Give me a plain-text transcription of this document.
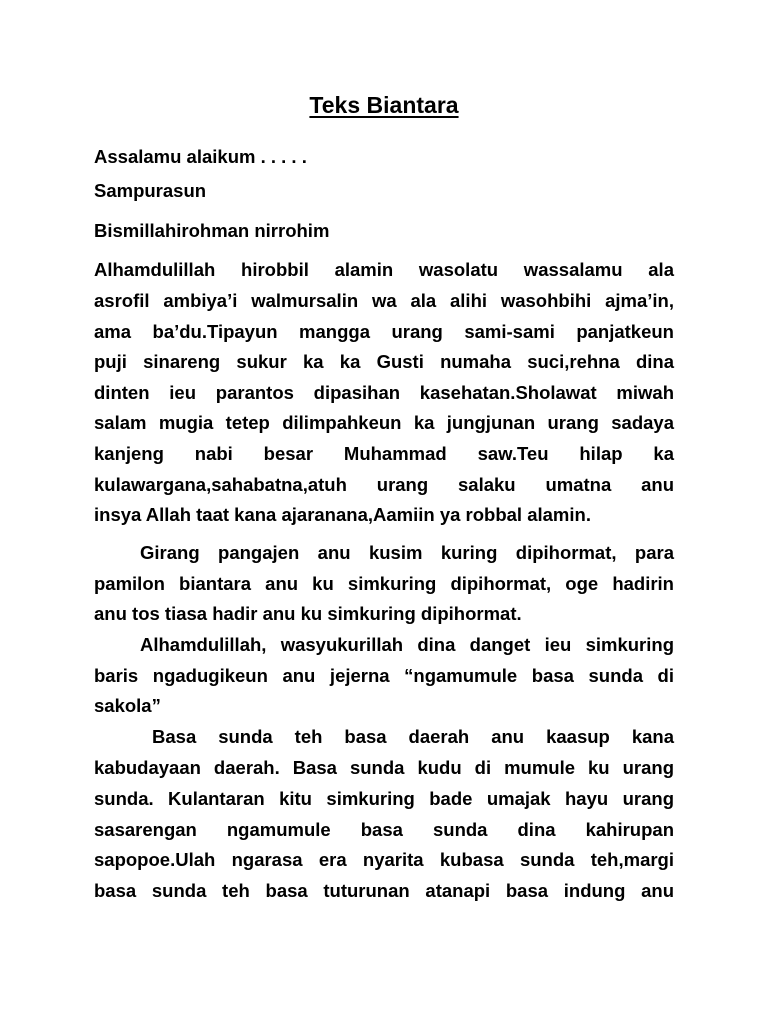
Teks Biantara
Assalamu alaikum . . . . .
Sampurasun
Bismillahirohman nirrohim
Alhamdulillah hirobbil alamin wasolatu wassalamu ala
asrofil ambiya’i walmursalin wa ala alihi wasohbihi ajma’in,
ama ba’du.Tipayun mangga urang sami-sami panjatkeun
puji sinareng sukur ka ka Gusti numaha suci,rehna dina
dinten ieu parantos dipasihan kasehatan.Sholawat miwah
salam mugia tetep dilimpahkeun ka jungjunan urang sadaya
kanjeng nabi besar Muhammad saw.Teu hilap ka
kulawargana,sahabatna,atuh urang salaku umatna anu
insya Allah taat kana ajaranana,Aamiin ya robbal alamin.
Girang pangajen anu kusim kuring dipihormat, para
pamilon biantara anu ku simkuring dipihormat, oge hadirin
anu tos tiasa hadir anu ku simkuring dipihormat.
Alhamdulillah, wasyukurillah dina danget ieu simkuring
baris ngadugikeun anu jejerna “ngamumule basa sunda di
sakola”
Basa sunda teh basa daerah anu kaasup kana
kabudayaan daerah. Basa sunda kudu di mumule ku urang
sunda. Kulantaran kitu simkuring bade umajak hayu urang
sasarengan ngamumule basa sunda dina kahirupan
sapopoe.Ulah ngarasa era nyarita kubasa sunda teh,margi
basa sunda teh basa tuturunan atanapi basa indung anu
